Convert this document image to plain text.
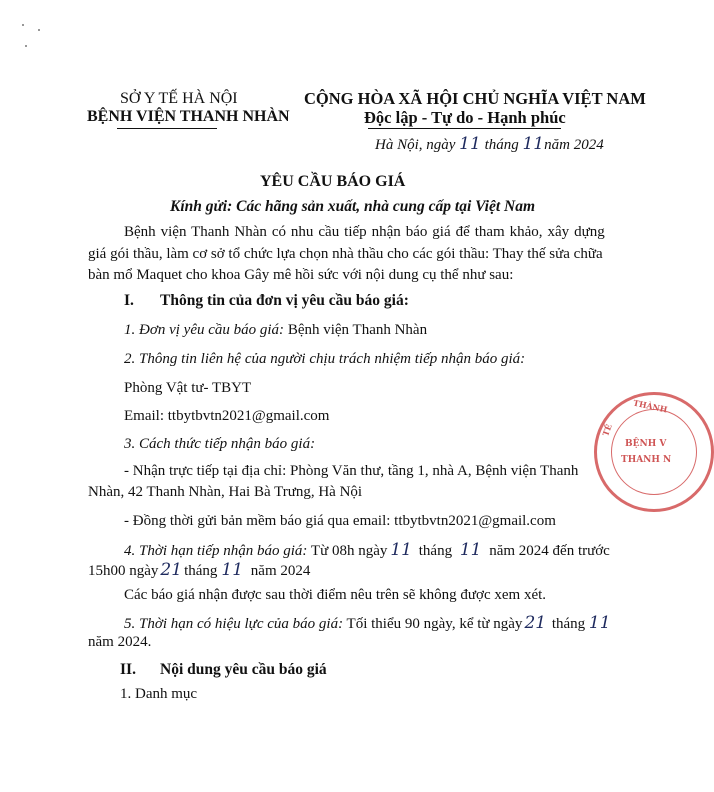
SỞ Y TẾ HÀ NỘI
BỆNH VIỆN THANH NHÀN
CỘNG HÒA XÃ HỘI CHỦ NGHĨA VIỆT NAM
Độc lập - Tự do - Hạnh phúc
Hà Nội, ngày 11 tháng 11năm 2024
YÊU CẦU BÁO GIÁ
Kính gửi: Các hãng sản xuất, nhà cung cấp tại Việt Nam
Bệnh viện Thanh Nhàn có nhu cầu tiếp nhận báo giá để tham khảo, xây dựng
giá gói thầu, làm cơ sở tổ chức lựa chọn nhà thầu cho các gói thầu: Thay thế sửa chữa
bàn mổ Maquet cho khoa Gây mê hồi sức với nội dung cụ thể như sau:
I. Thông tin của đơn vị yêu cầu báo giá:
1. Đơn vị yêu cầu báo giá: Bệnh viện Thanh Nhàn
2. Thông tin liên hệ của người chịu trách nhiệm tiếp nhận báo giá:
Phòng Vật tư- TBYT
Email: ttbytbvtn2021@gmail.com
3. Cách thức tiếp nhận báo giá:
- Nhận trực tiếp tại địa chỉ: Phòng Văn thư, tầng 1, nhà A, Bệnh viện Thanh
Nhàn, 42 Thanh Nhàn, Hai Bà Trưng, Hà Nội
- Đồng thời gửi bản mềm báo giá qua email: ttbytbvtn2021@gmail.com
4. Thời hạn tiếp nhận báo giá: Từ 08h ngày 11 tháng 11 năm 2024 đến trước
15h00 ngày 21 tháng 11 năm 2024
Các báo giá nhận được sau thời điểm nêu trên sẽ không được xem xét.
5. Thời hạn có hiệu lực của báo giá: Tối thiểu 90 ngày, kể từ ngày 21 tháng 11
năm 2024.
II. Nội dung yêu cầu báo giá
1. Danh mục
THÀNH
TẾ
BỆNH V
THANH N
